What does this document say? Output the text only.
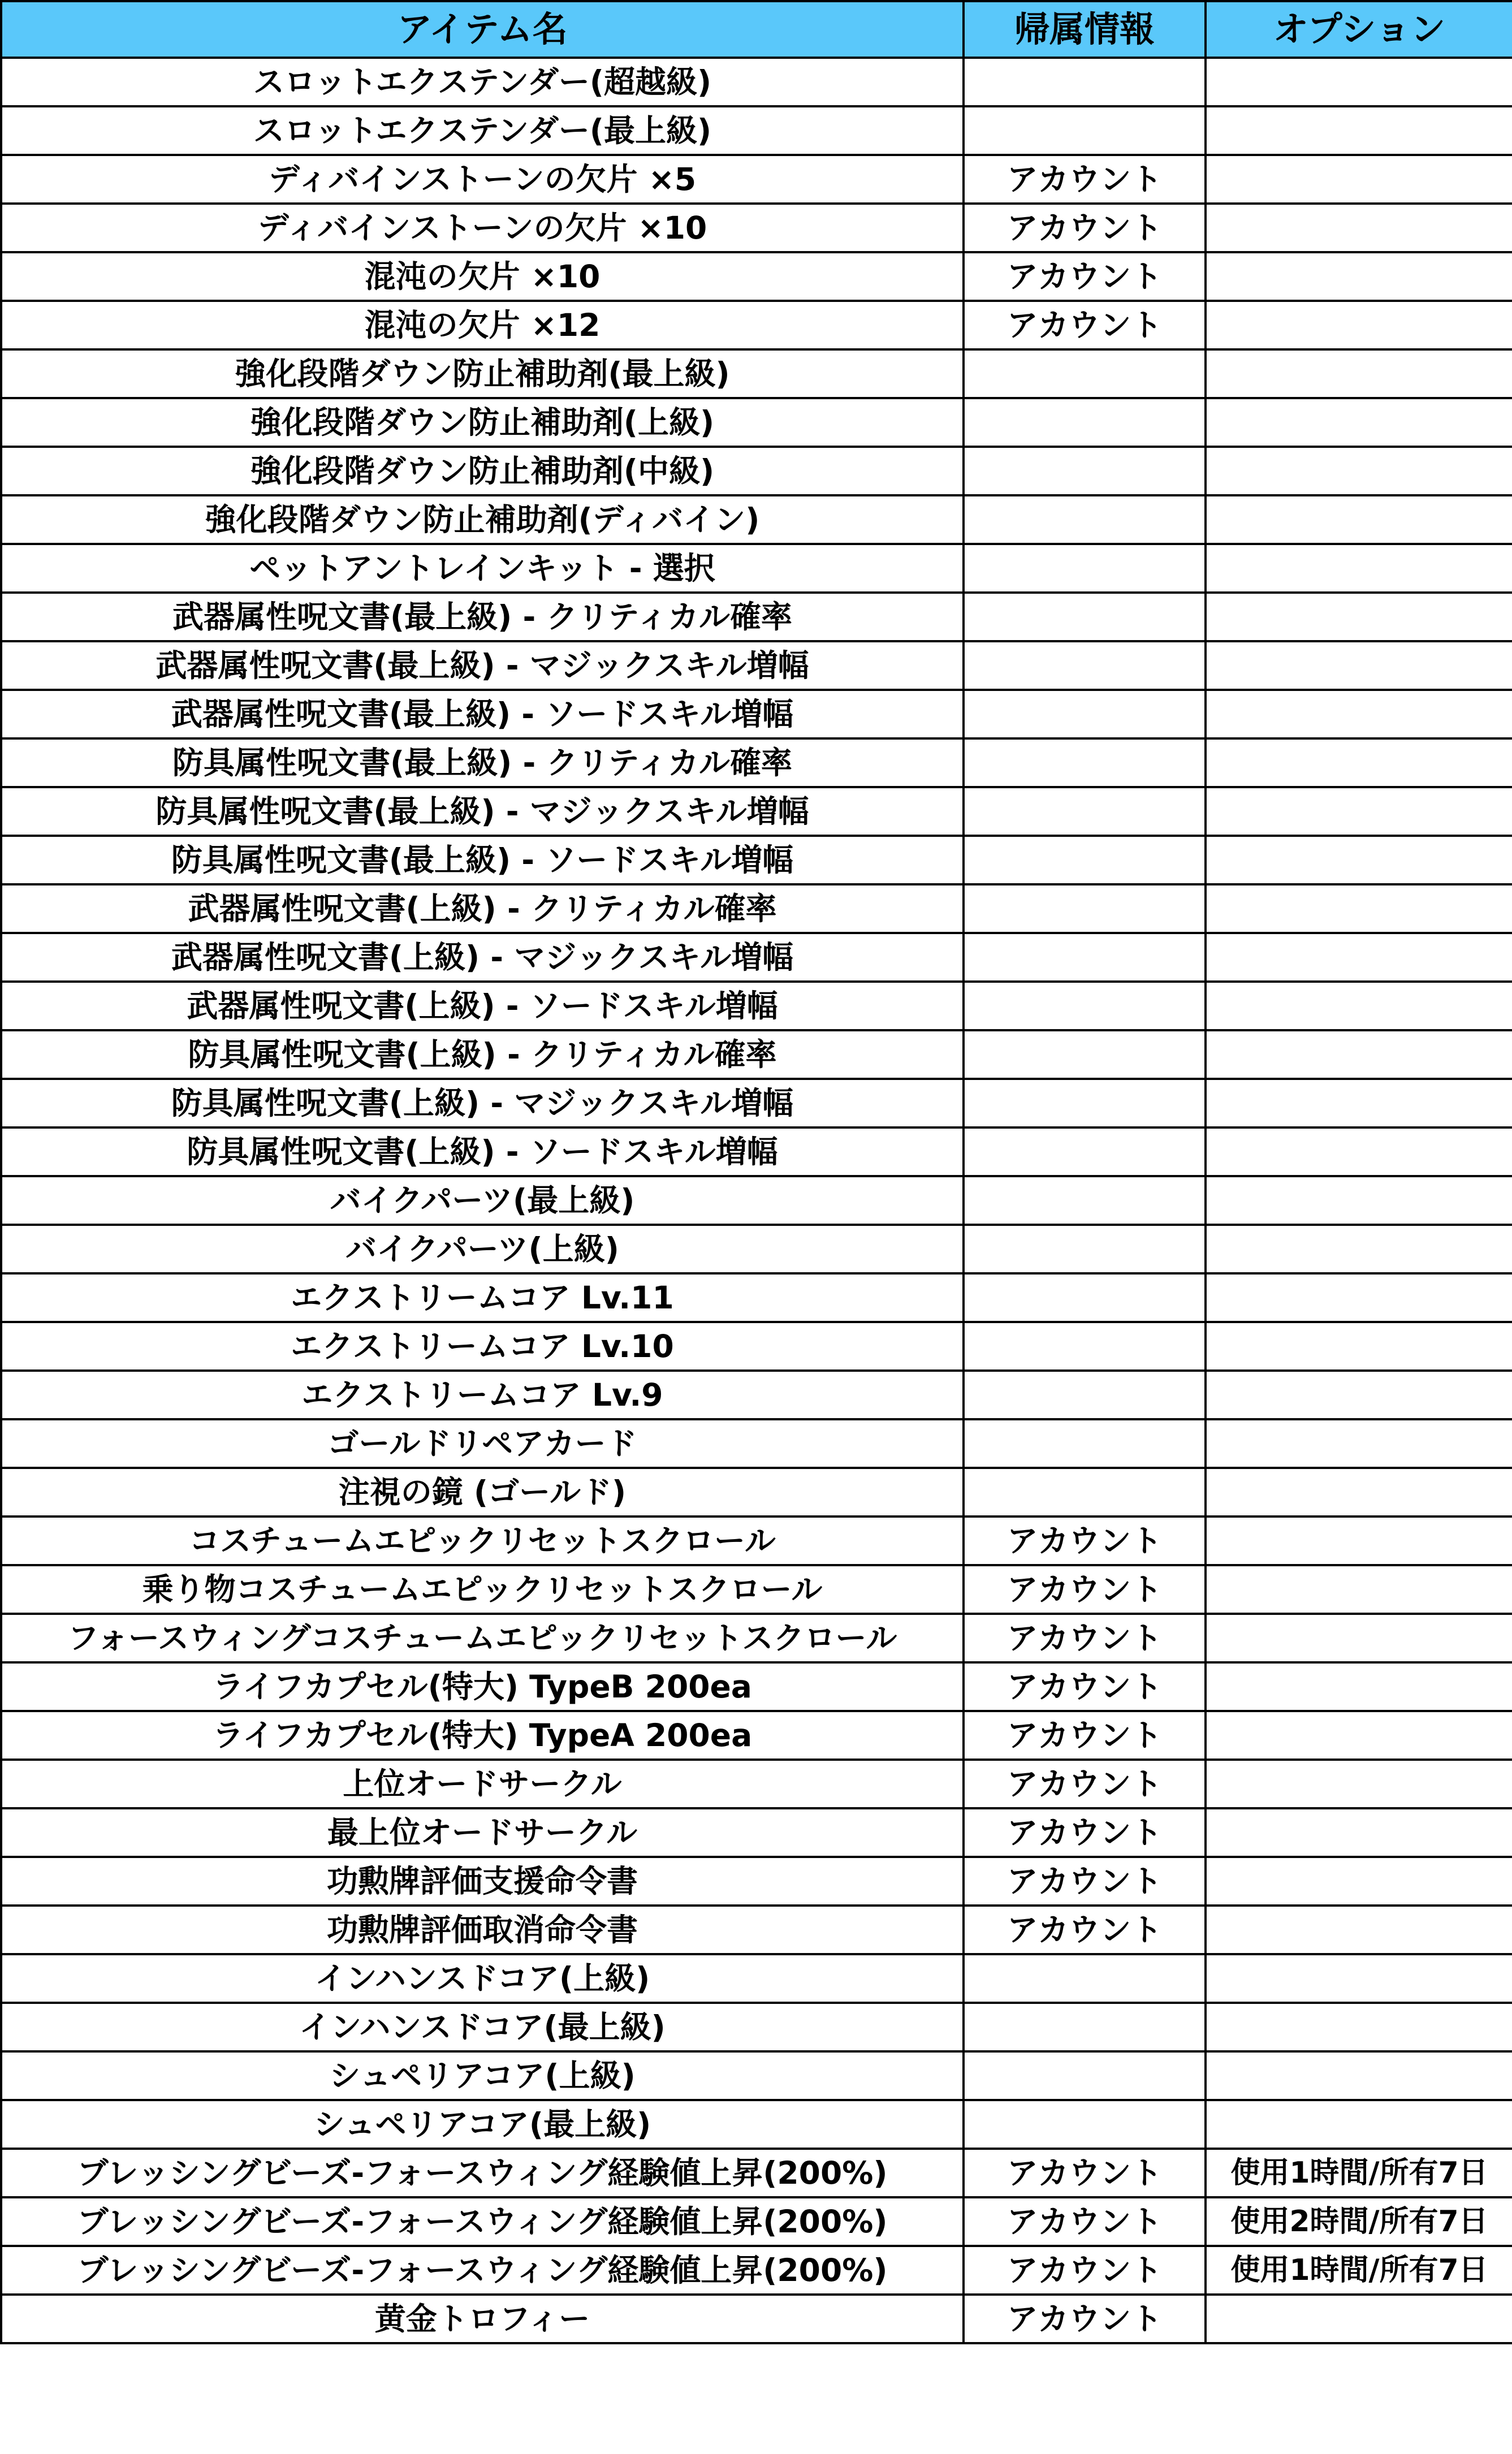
アイテム名	帰属情報	オプション
スロットエクステンダー(超越級)		
スロットエクステンダー(最上級)		
ディバインストーンの欠片 ×5	アカウント	
ディバインストーンの欠片 ×10	アカウント	
混沌の欠片 ×10	アカウント	
混沌の欠片 ×12	アカウント	
強化段階ダウン防止補助剤(最上級)		
強化段階ダウン防止補助剤(上級)		
強化段階ダウン防止補助剤(中級)		
強化段階ダウン防止補助剤(ディバイン)		
ペットアントレインキット - 選択		
武器属性呪文書(最上級) - クリティカル確率		
武器属性呪文書(最上級) - マジックスキル増幅		
武器属性呪文書(最上級) - ソードスキル増幅		
防具属性呪文書(最上級) - クリティカル確率		
防具属性呪文書(最上級) - マジックスキル増幅		
防具属性呪文書(最上級) - ソードスキル増幅		
武器属性呪文書(上級) - クリティカル確率		
武器属性呪文書(上級) - マジックスキル増幅		
武器属性呪文書(上級) - ソードスキル増幅		
防具属性呪文書(上級) - クリティカル確率		
防具属性呪文書(上級) - マジックスキル増幅		
防具属性呪文書(上級) - ソードスキル増幅		
バイクパーツ(最上級)		
バイクパーツ(上級)		
エクストリームコア Lv.11		
エクストリームコア Lv.10		
エクストリームコア Lv.9		
ゴールドリペアカード		
注視の鏡 (ゴールド)		
コスチュームエピックリセットスクロール	アカウント	
乗り物コスチュームエピックリセットスクロール	アカウント	
フォースウィングコスチュームエピックリセットスクロール	アカウント	
ライフカプセル(特大) TypeB 200ea	アカウント	
ライフカプセル(特大) TypeA 200ea	アカウント	
上位オードサークル	アカウント	
最上位オードサークル	アカウント	
功勲牌評価支援命令書	アカウント	
功勲牌評価取消命令書	アカウント	
インハンスドコア(上級)		
インハンスドコア(最上級)		
シュペリアコア(上級)		
シュペリアコア(最上級)		
ブレッシングビーズ-フォースウィング経験値上昇(200%)	アカウント	使用1時間/所有7日
ブレッシングビーズ-フォースウィング経験値上昇(200%)	アカウント	使用2時間/所有7日
ブレッシングビーズ-フォースウィング経験値上昇(200%)	アカウント	使用1時間/所有7日
黄金トロフィー	アカウント	
